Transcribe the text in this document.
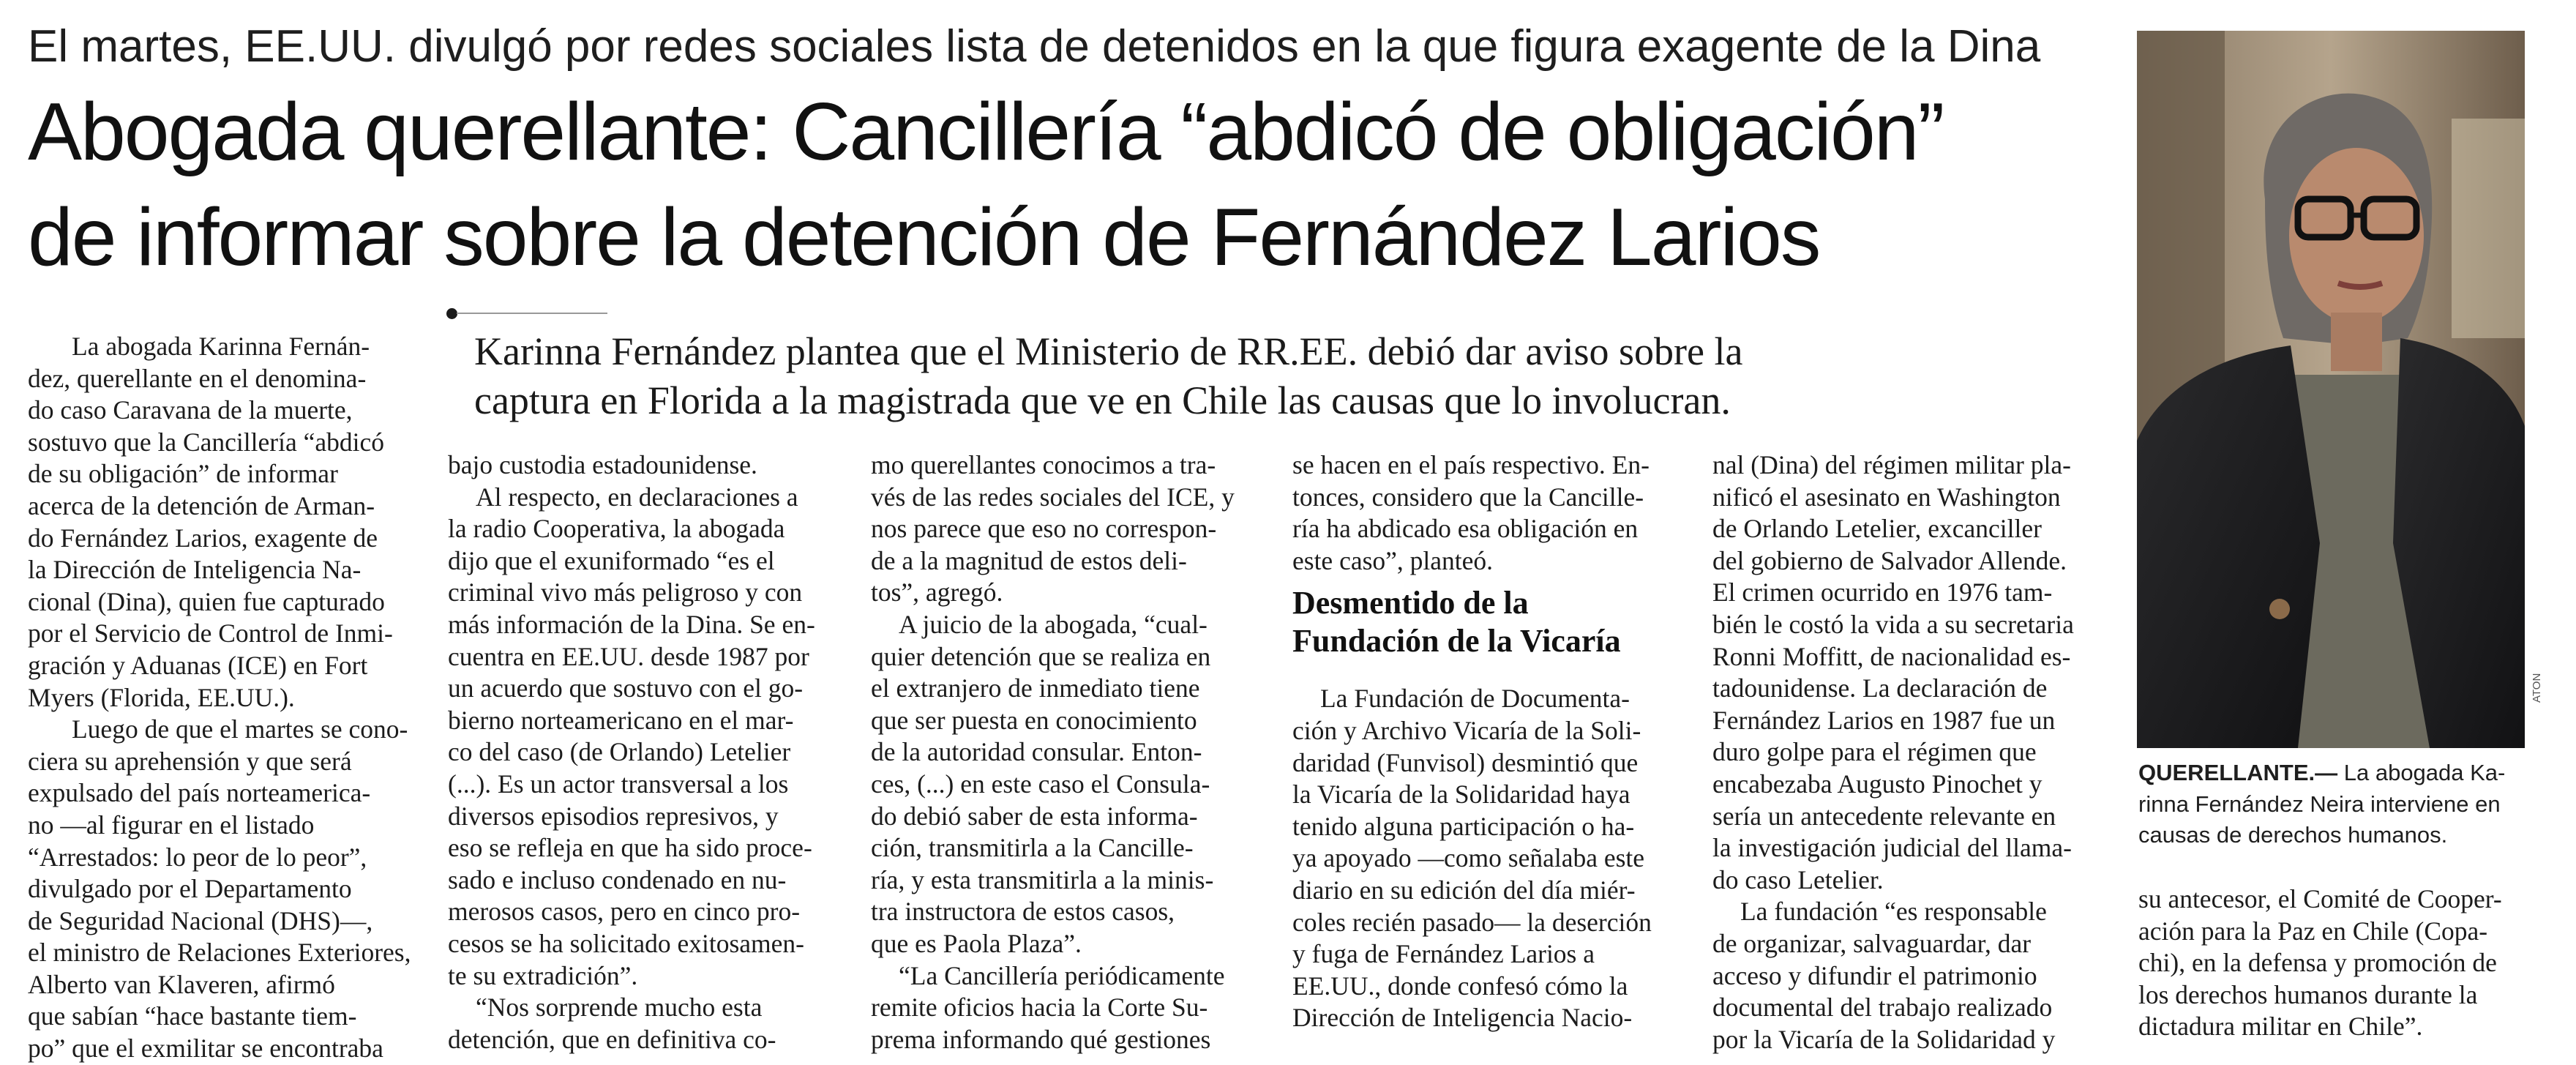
El martes, EE.UU. divulgó por redes sociales lista de detenidos en la que figura exagente de la Dina
Abogada querellante: Cancillería “abdicó de obligación”
de informar sobre la detención de Fernández Larios
Karinna Fernández plantea que el Ministerio de RR.EE. debió dar aviso sobre la
captura en Florida a la magistrada que ve en Chile las causas que lo involucran.
La abogada Karinna Fernán-
dez, querellante en el denomina-
do caso Caravana de la muerte,
sostuvo que la Cancillería “abdicó
de su obligación” de informar
acerca de la detención de Arman-
do Fernández Larios, exagente de
la Dirección de Inteligencia Na-
cional (Dina), quien fue capturado
por el Servicio de Control de Inmi-
gración y Aduanas (ICE) en Fort
Myers (Florida, EE.UU.).
Luego de que el martes se cono-
ciera su aprehensión y que será
expulsado del país norteamerica-
no —al figurar en el listado
“Arrestados: lo peor de lo peor”,
divulgado por el Departamento
de Seguridad Nacional (DHS)—,
el ministro de Relaciones Exteriores,
Alberto van Klaveren, afirmó
que sabían “hace bastante tiem-
po” que el exmilitar se encontraba
bajo custodia estadounidense.
Al respecto, en declaraciones a
la radio Cooperativa, la abogada
dijo que el exuniformado “es el
criminal vivo más peligroso y con
más información de la Dina. Se en-
cuentra en EE.UU. desde 1987 por
un acuerdo que sostuvo con el go-
bierno norteamericano en el mar-
co del caso (de Orlando) Letelier
(...). Es un actor transversal a los
diversos episodios represivos, y
eso se refleja en que ha sido proce-
sado e incluso condenado en nu-
merosos casos, pero en cinco pro-
cesos se ha solicitado exitosamen-
te su extradición”.
“Nos sorprende mucho esta
detención, que en definitiva co-
mo querellantes conocimos a tra-
vés de las redes sociales del ICE, y
nos parece que eso no correspon-
de a la magnitud de estos deli-
tos”, agregó.
A juicio de la abogada, “cual-
quier detención que se realiza en
el extranjero de inmediato tiene
que ser puesta en conocimiento
de la autoridad consular. Enton-
ces, (...) en este caso el Consula-
do debió saber de esta informa-
ción, transmitirla a la Cancille-
ría, y esta transmitirla a la minis-
tra instructora de estos casos,
que es Paola Plaza”.
“La Cancillería periódicamente
remite oficios hacia la Corte Su-
prema informando qué gestiones
se hacen en el país respectivo. En-
tonces, considero que la Cancille-
ría ha abdicado esa obligación en
este caso”, planteó.
Desmentido de la
Fundación de la Vicaría
La Fundación de Documenta-
ción y Archivo Vicaría de la Soli-
daridad (Funvisol) desmintió que
la Vicaría de la Solidaridad haya
tenido alguna participación o ha-
ya apoyado —como señalaba este
diario en su edición del día miér-
coles recién pasado— la deserción
y fuga de Fernández Larios a
EE.UU., donde confesó cómo la
Dirección de Inteligencia Nacio-
nal (Dina) del régimen militar pla-
nificó el asesinato en Washington
de Orlando Letelier, excanciller
del gobierno de Salvador Allende.
El crimen ocurrido en 1976 tam-
bién le costó la vida a su secretaria
Ronni Moffitt, de nacionalidad es-
tadounidense. La declaración de
Fernández Larios en 1987 fue un
duro golpe para el régimen que
encabezaba Augusto Pinochet y
sería un antecedente relevante en
la investigación judicial del llama-
do caso Letelier.
La fundación “es responsable
de organizar, salvaguardar, dar
acceso y difundir el patrimonio
documental del trabajo realizado
por la Vicaría de la Solidaridad y
su antecesor, el Comité de Cooper-
ación para la Paz en Chile (Copa-
chi), en la defensa y promoción de
los derechos humanos durante la
dictadura militar en Chile”.
ATON
QUERELLANTE.— La abogada Ka-
rinna Fernández Neira interviene en
causas de derechos humanos.
